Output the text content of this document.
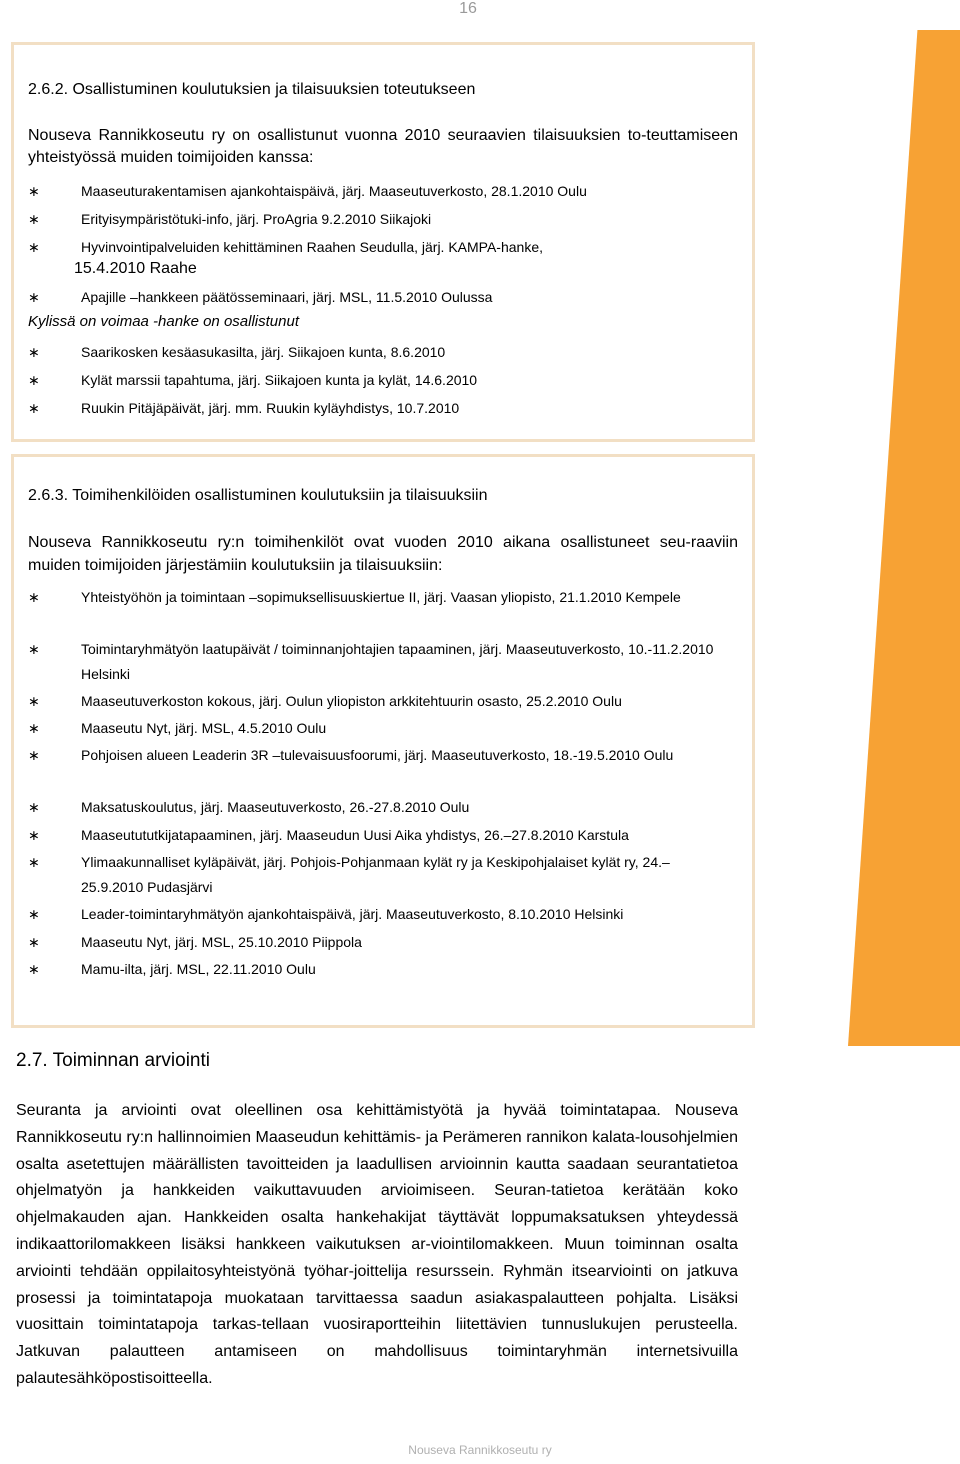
16
2.6.2. Osallistuminen koulutuksien ja tilaisuuksien toteutukseen

Nouseva Rannikkoseutu ry on osallistunut vuonna 2010 seuraavien tilaisuuksien to-teuttamiseen yhteistyössä muiden toimijoiden kanssa:

∗	Maaseuturakentamisen ajankohtaispäivä, järj. Maaseutuverkosto, 28.1.2010 Oulu
∗	Erityisympäristötuki-info, järj. ProAgria 9.2.2010 Siikajoki
∗	Hyvinvointipalveluiden kehittäminen Raahen Seudulla, järj. KAMPA-hanke,
15.4.2010 Raahe
∗	Apajille –hankkeen päätösseminaari, järj. MSL, 11.5.2010 Oulussa
Kylissä on voimaa -hanke on osallistunut
∗	Saarikosken kesäasukasilta, järj. Siikajoen kunta, 8.6.2010
∗	Kylät marssii tapahtuma, järj. Siikajoen kunta ja kylät, 14.6.2010
∗	Ruukin Pitäjäpäivät, järj. mm. Ruukin kyläyhdistys, 10.7.2010
2.6.3. Toimihenkilöiden osallistuminen koulutuksiin ja tilaisuuksiin

Nouseva Rannikkoseutu ry:n toimihenkilöt ovat vuoden 2010 aikana osallistuneet seu-raaviin muiden toimijoiden järjestämiin koulutuksiin ja tilaisuuksiin:

∗	Yhteistyöhön ja toimintaan –sopimuksellisuuskiertue II, järj. Vaasan yliopisto, 21.1.2010 Kempele
∗	Toimintaryhmätyön laatupäivät / toiminnanjohtajien tapaaminen, järj. Maaseutuverkosto, 10.-11.2.2010 Helsinki
∗	Maaseutuverkoston kokous, järj. Oulun yliopiston arkkitehtuurin osasto, 25.2.2010 Oulu
∗	Maaseutu Nyt, järj. MSL, 4.5.2010 Oulu
∗	Pohjoisen alueen Leaderin 3R –tulevaisuusfoorumi, järj. Maaseutuverkosto, 18.-19.5.2010 Oulu
∗	Maksatuskoulutus, järj. Maaseutuverkosto, 26.-27.8.2010 Oulu
∗	Maaseutututkijatapaaminen, järj. Maaseudun Uusi Aika yhdistys, 26.–27.8.2010 Karstula
∗	Ylimaakunnalliset kyläpäivät, järj. Pohjois-Pohjanmaan kylät ry ja Keskipohjalaiset kylät ry, 24.–25.9.2010 Pudasjärvi
∗	Leader-toimintaryhmätyön ajankohtaispäivä, järj. Maaseutuverkosto, 8.10.2010 Helsinki
∗	Maaseutu Nyt, järj. MSL, 25.10.2010 Piippola
∗	Mamu-ilta, järj. MSL, 22.11.2010 Oulu
2.7. Toiminnan arviointi

Seuranta ja arviointi ovat oleellinen osa kehittämistyötä ja hyvää toimintatapaa. Nouseva Rannikkoseutu ry:n hallinnoimien Maaseudun kehittämis- ja Perämeren rannikon kalata-lousohjelmien osalta asetettujen määrällisten tavoitteiden ja laadullisen arvioinnin kautta saadaan seurantatietoa ohjelmatyön ja hankkeiden vaikuttavuuden arvioimiseen. Seuran-tatietoa kerätään koko ohjelmakauden ajan. Hankkeiden osalta hankehakijat täyttävät loppumaksatuksen yhteydessä indikaattorilomakkeen lisäksi hankkeen vaikutuksen ar-viointilomakkeen. Muun toiminnan osalta arviointi tehdään oppilaitosyhteistyönä työhar-joittelija resurssein. Ryhmän itsearviointi on jatkuva prosessi ja toimintatapoja muokataan tarvittaessa saadun asiakaspalautteen pohjalta. Lisäksi vuosittain toimintatapoja tarkas-tellaan vuosiraportteihin liitettävien tunnuslukujen perusteella. Jatkuvan palautteen antamiseen on mahdollisuus toimintaryhmän internetsivuilla palautesähköpostisoitteella.

Nouseva Rannikkoseutu ry
